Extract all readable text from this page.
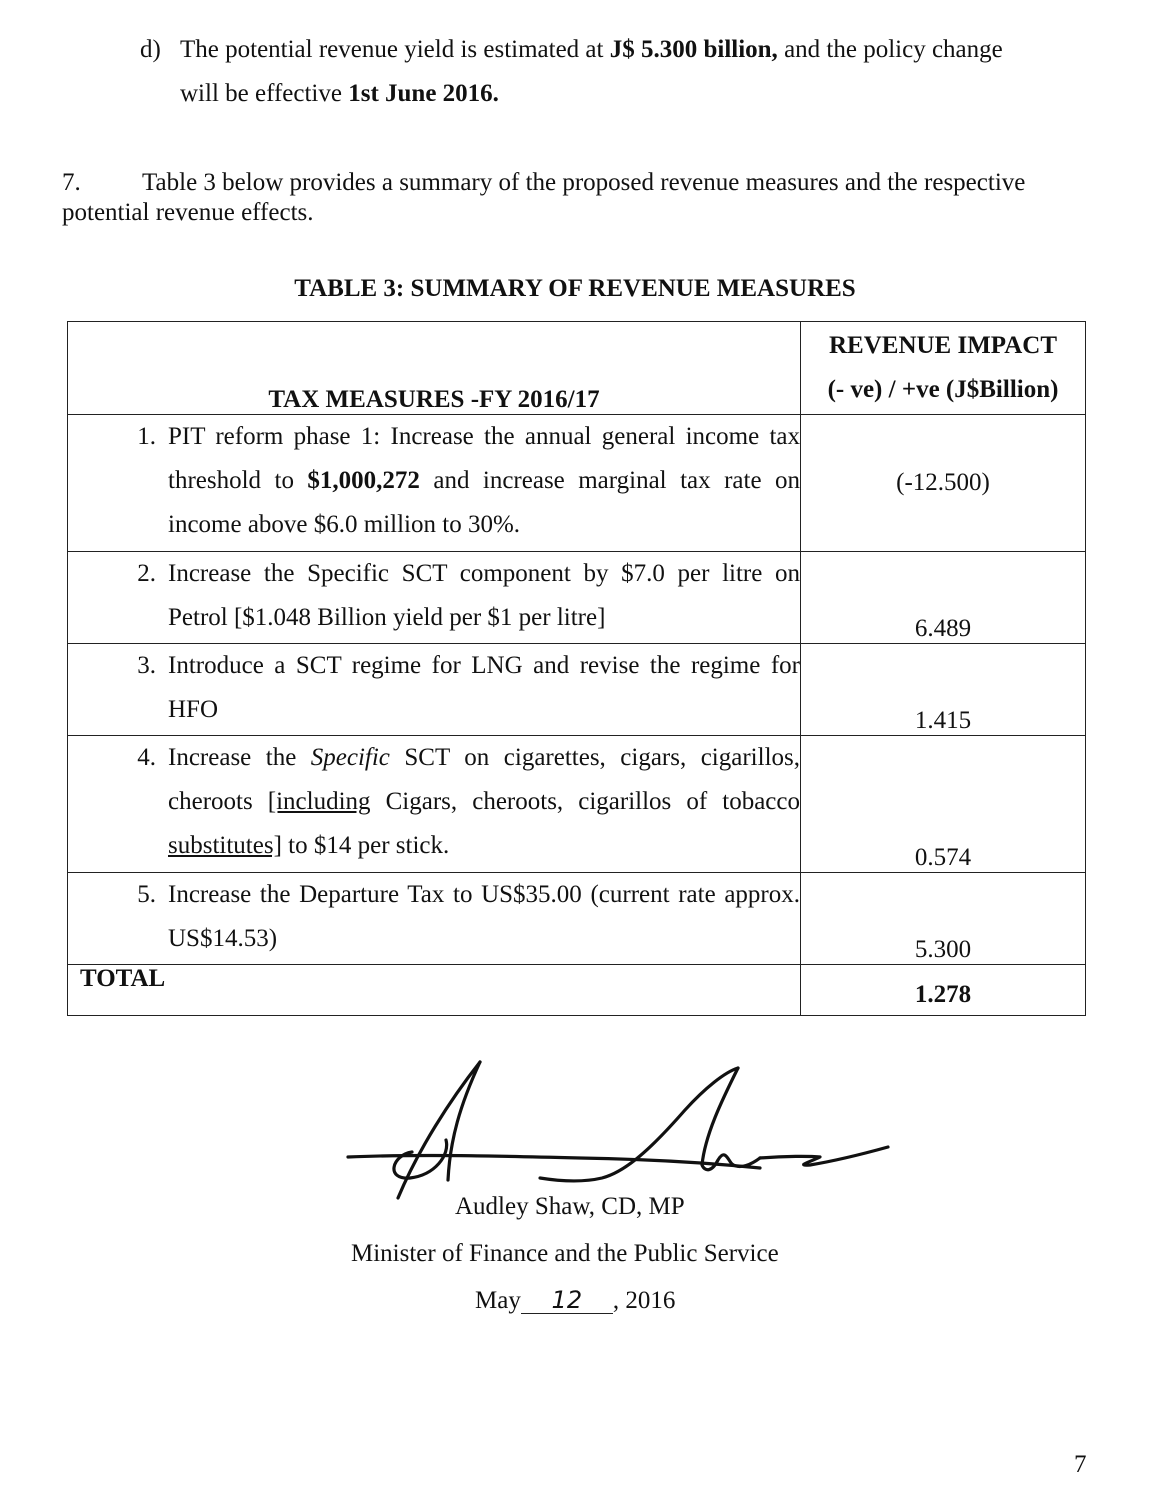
d) The potential revenue yield is estimated at J$ 5.300 billion, and the policy change
will be effective 1st June 2016.
7. Table 3 below provides a summary of the proposed revenue measures and the respective potential revenue effects.
TABLE 3: SUMMARY OF REVENUE MEASURES
TAX MEASURES -FY 2016/17	REVENUE IMPACT
(- ve) / +ve (J$Billion)

1. PIT reform phase 1: Increase the annual general income tax threshold to $1,000,272 and increase marginal tax rate on income above $6.0 million to 30%.	(-12.500)

2. Increase the Specific SCT component by $7.0 per litre on Petrol [$1.048 Billion yield per $1 per litre]	6.489

3. Introduce a SCT regime for LNG and revise the regime for HFO	1.415

4. Increase the Specific SCT on cigarettes, cigars, cigarillos, cheroots [including Cigars, cheroots, cigarillos of tobacco substitutes] to $14 per stick.	0.574

5. Increase the Departure Tax to US$35.00 (current rate approx. US$14.53)	5.300
TOTAL	1.278
Audley Shaw, CD, MP
Minister of Finance and the Public Service
May 12 , 2016
7
